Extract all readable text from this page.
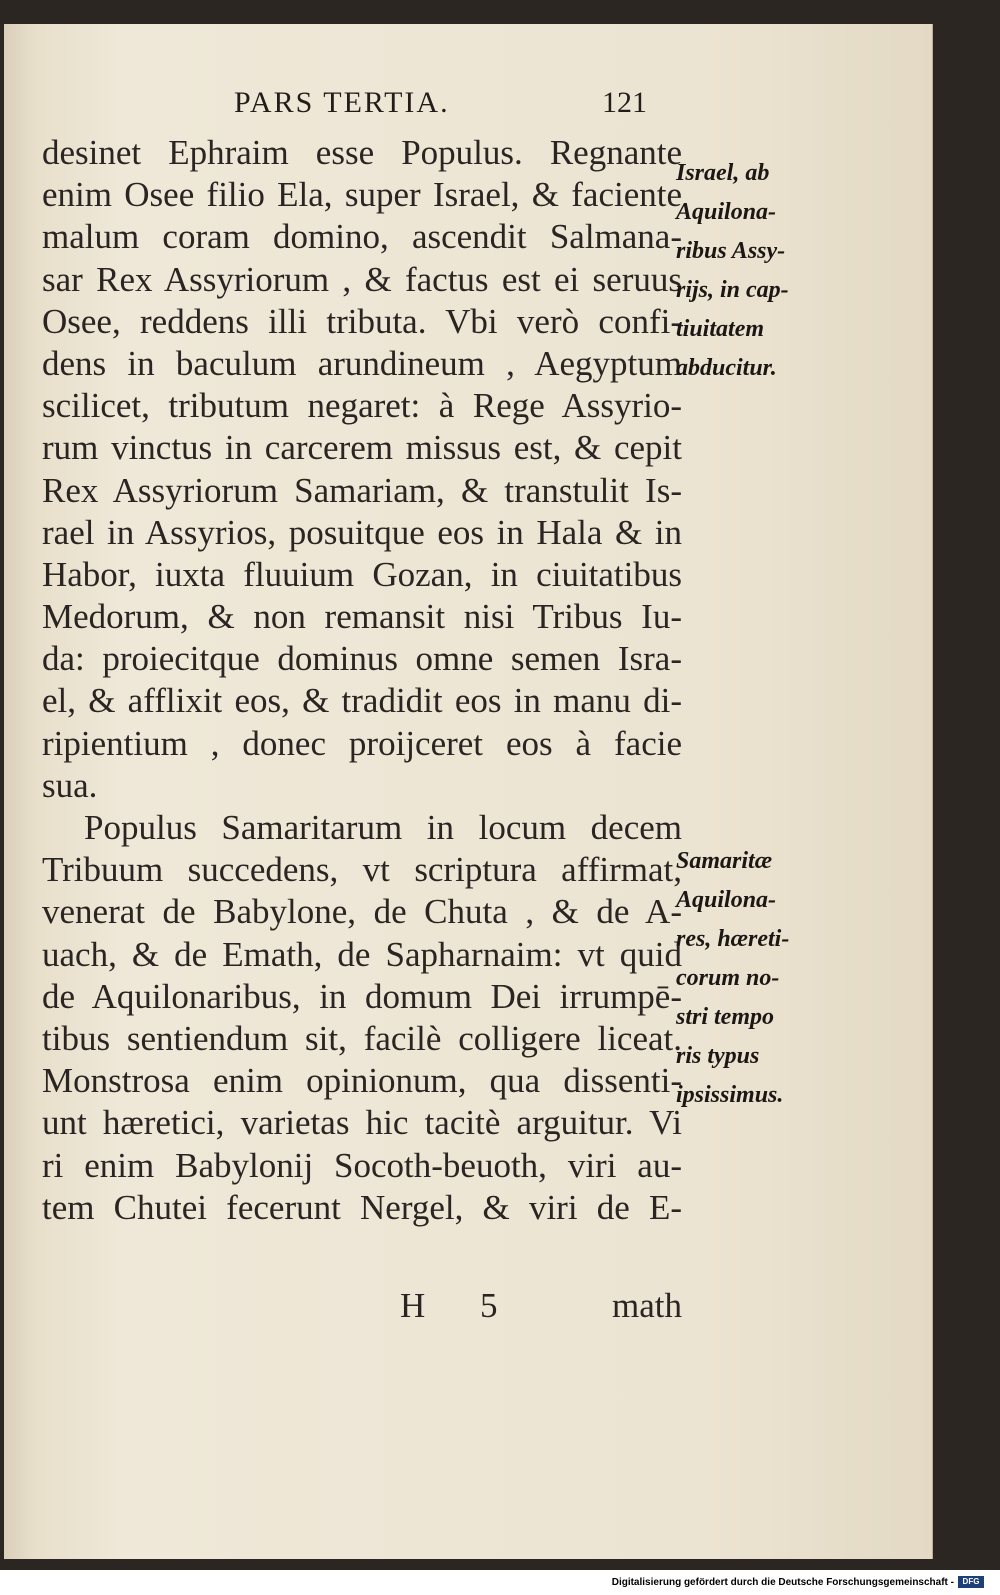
PARS TERTIA.	121
desinet Ephraim esse Populus. Regnante
enim Osee filio Ela, super Israel, & faciente
malum coram domino, ascendit Salmana-
sar Rex Assyriorum , & factus est ei seruus
Osee, reddens illi tributa. Vbi verò confi-
dens in baculum arundineum , Aegyptum
scilicet, tributum negaret: à Rege Assyrio-
rum vinctus in carcerem missus est, & cepit
Rex Assyriorum Samariam, & transtulit Is-
rael in Assyrios, posuitque eos in Hala & in
Habor, iuxta fluuium Gozan, in ciuitatibus
Medorum, & non remansit nisi Tribus Iu-
da: proiecitque dominus omne semen Isra-
el, & afflixit eos, & tradidit eos in manu di-
ripientium , donec proijceret eos à facie
sua.
Populus Samaritarum in locum decem
Tribuum succedens, vt scriptura affirmat,
venerat de Babylone, de Chuta , & de A-
uach, & de Emath, de Sapharnaim: vt quid
de Aquilonaribus, in domum Dei irrumpē-
tibus sentiendum sit, facilè colligere liceat.
Monstrosa enim opinionum, qua dissenti-
unt hæretici, varietas hic tacitè arguitur. Vi
ri enim Babylonij Socoth-beuoth, viri au-
tem Chutei fecerunt Nergel, & viri de E-
Israel, ab
Aquilona-
ribus Assy-
rijs, in cap-
tiuitatem
abducitur.
Samaritæ
Aquilona-
res, hæreti-
corum no-
stri tempo
ris typus
ipsissimus.
H 5	math
Digitalisierung gefördert durch die Deutsche Forschungsgemeinschaft -	DFG
